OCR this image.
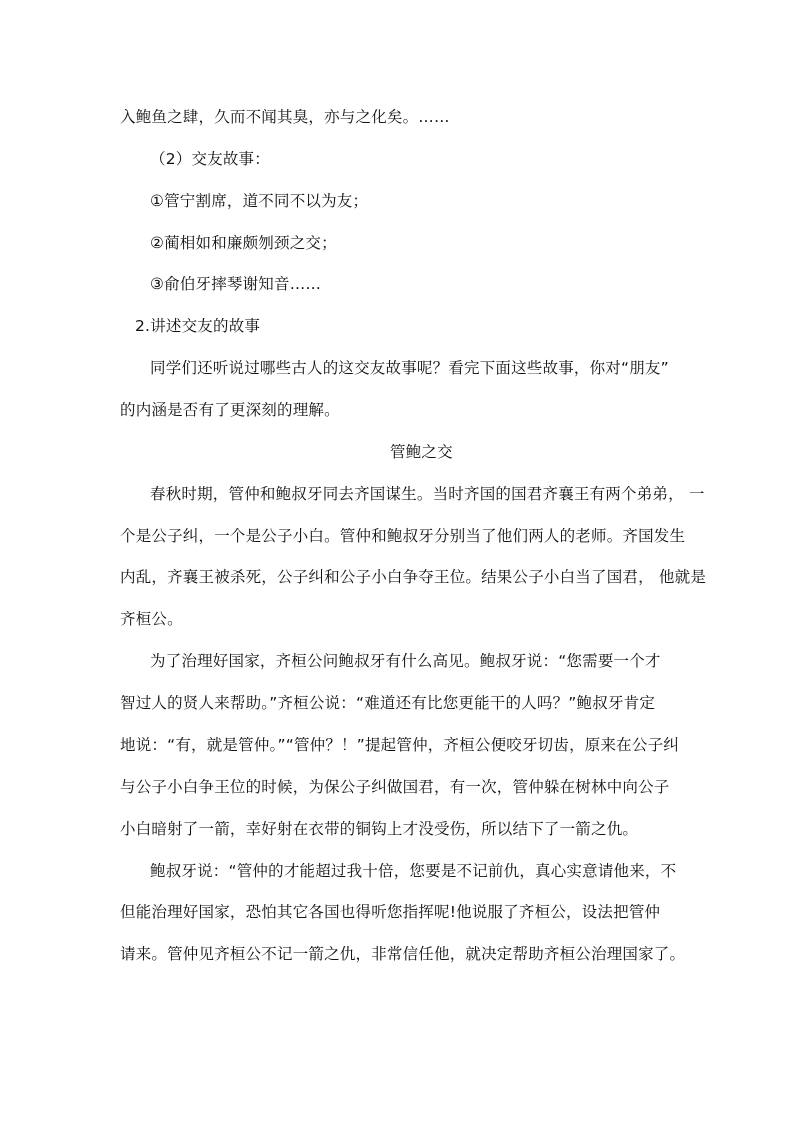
入鲍鱼之肆，久而不闻其臭，亦与之化矣。……
（2）交友故事：
①管宁割席，道不同不以为友；
②蔺相如和廉颇刎颈之交；
③俞伯牙摔琴谢知音……
2.讲述交友的故事
同学们还听说过哪些古人的这交友故事呢？看完下面这些故事，你对“朋友”
的内涵是否有了更深刻的理解。
管鲍之交
春秋时期，管仲和鲍叔牙同去齐国谋生。当时齐国的国君齐襄王有两个弟弟， 一
个是公子纠，一个是公子小白。管仲和鲍叔牙分别当了他们两人的老师。齐国发生
内乱，齐襄王被杀死，公子纠和公子小白争夺王位。结果公子小白当了国君， 他就是
齐桓公。
为了治理好国家，齐桓公问鲍叔牙有什么高见。鲍叔牙说：“您需要一个才
智过人的贤人来帮助。”齐桓公说：“难道还有比您更能干的人吗？”鲍叔牙肯定
地说：“有，就是管仲。”“管仲？！”提起管仲，齐桓公便咬牙切齿，原来在公子纠
与公子小白争王位的时候，为保公子纠做国君，有一次，管仲躲在树林中向公子
小白暗射了一箭，幸好射在衣带的铜钩上才没受伤，所以结下了一箭之仇。
鲍叔牙说：“管仲的才能超过我十倍，您要是不记前仇，真心实意请他来，不
但能治理好国家，恐怕其它各国也得听您指挥呢!他说服了齐桓公，设法把管仲
请来。管仲见齐桓公不记一箭之仇，非常信任他，就决定帮助齐桓公治理国家了。
